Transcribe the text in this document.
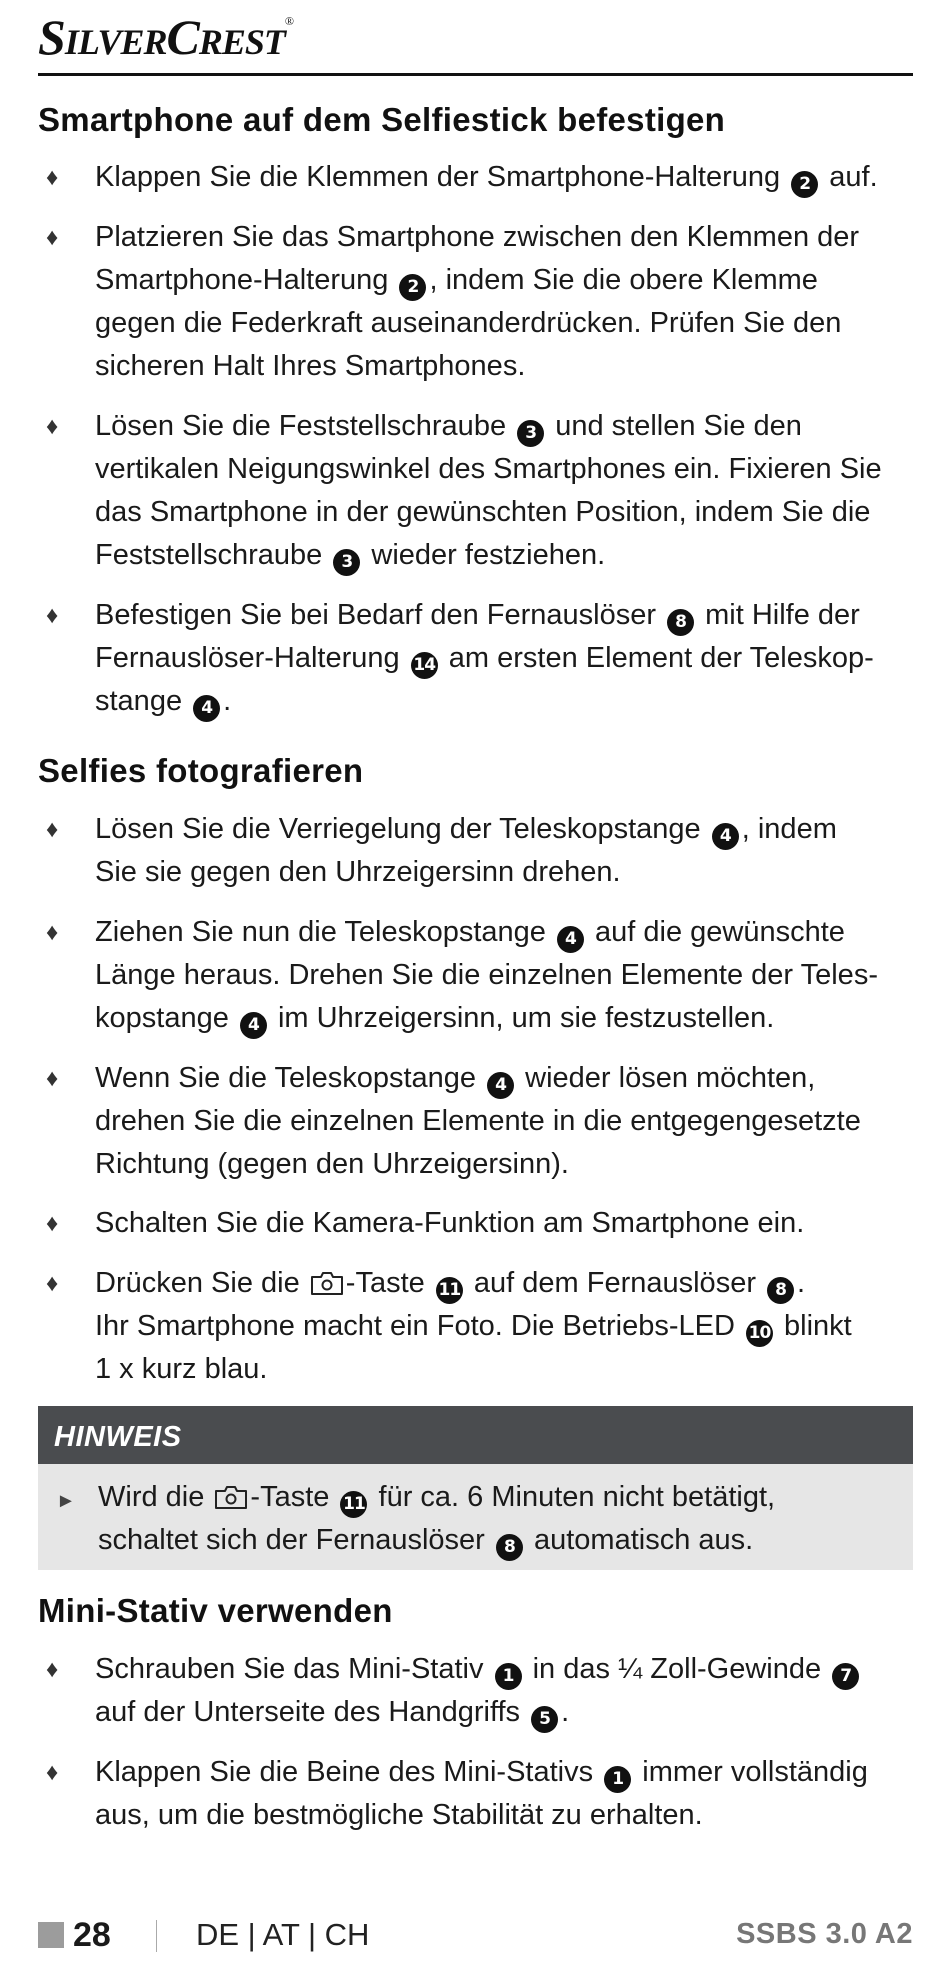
SILVERCREST®
Smartphone auf dem Selfiestick befestigen
♦ Klappen Sie die Klemmen der Smartphone-Halterung 2 auf.
♦ Platzieren Sie das Smartphone zwischen den Klemmen der
Smartphone-Halterung 2 , indem Sie die obere Klemme
gegen die Federkraft auseinanderdrücken. Prüfen Sie den
sicheren Halt Ihres Smartphones.
♦ Lösen Sie die Feststellschraube 3 und stellen Sie den
vertikalen Neigungswinkel des Smartphones ein. Fixieren Sie
das Smartphone in der gewünschten Position, indem Sie die
Feststellschraube 3 wieder festziehen.
♦ Befestigen Sie bei Bedarf den Fernauslöser 8 mit Hilfe der
Fernauslöser-Halterung 14 am ersten Element der Teleskop-
stange 4 .
Selfies fotografieren
♦ Lösen Sie die Verriegelung der Teleskopstange 4 , indem
Sie sie gegen den Uhrzeigersinn drehen.
♦ Ziehen Sie nun die Teleskopstange 4 auf die gewünschte
Länge heraus. Drehen Sie die einzelnen Elemente der Teles-
kopstange 4 im Uhrzeigersinn, um sie festzustellen.
♦ Wenn Sie die Teleskopstange 4 wieder lösen möchten,
drehen Sie die einzelnen Elemente in die entgegengesetzte
Richtung (gegen den Uhrzeigersinn).
♦ Schalten Sie die Kamera-Funktion am Smartphone ein.
♦ Drücken Sie die -Taste 11 auf dem Fernauslöser 8 .
Ihr Smartphone macht ein Foto. Die Betriebs-LED 10 blinkt
1 x kurz blau.
HINWEIS
► Wird die -Taste 11 für ca. 6 Minuten nicht betätigt,
schaltet sich der Fernauslöser 8 automatisch aus.
Mini-Stativ verwenden
♦ Schrauben Sie das Mini-Stativ 1 in das ¼ Zoll-Gewinde 7
auf der Unterseite des Handgriffs 5 .
♦ Klappen Sie die Beine des Mini-Stativs 1 immer vollständig
aus, um die bestmögliche Stabilität zu erhalten.
28	DE | AT | CH	SSBS 3.0 A2
